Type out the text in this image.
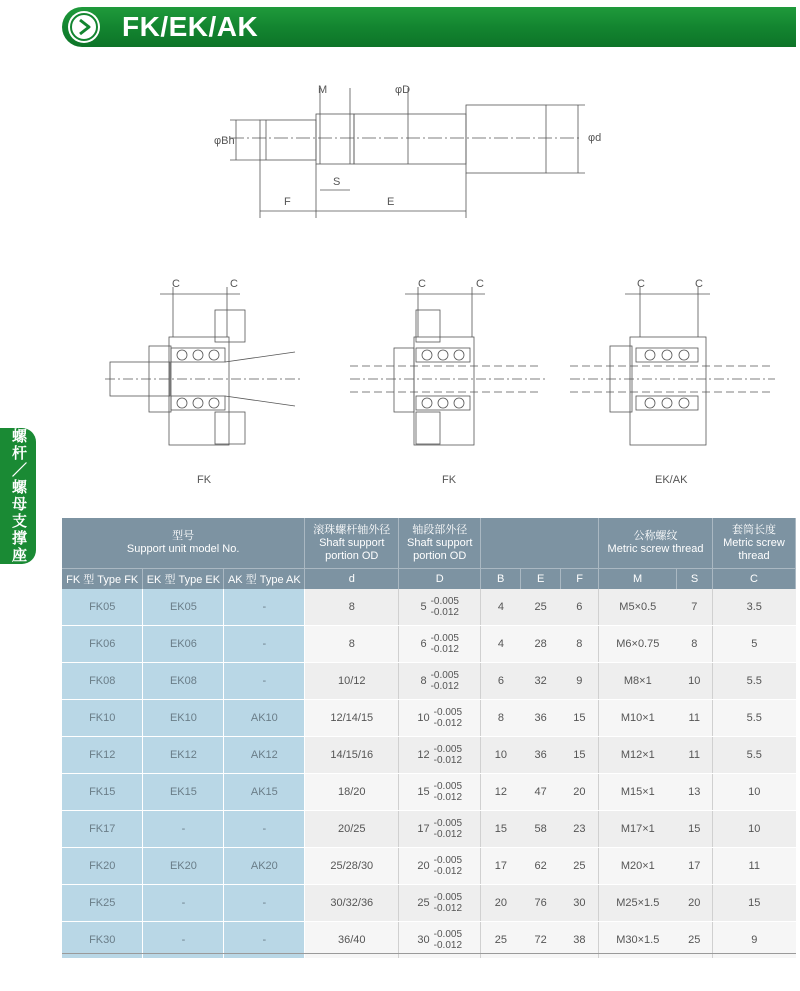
FK/EK/AK
螺杆／螺母支撑座
M	φD
φBh	φd
S
F	E
C	C
FK
C	C
FK
C	C
EK/AK
型号
Support unit model No.			滚珠螺杆轴外径
Shaft support
portion OD	轴段部外径
Shaft support
portion OD				公称螺纹
Metric screw thread		套筒长度
Metric screw
thread
FK 型 Type FK	EK 型 Type EK	AK 型 Type AK	d	D	B	E	F	M	S	C
FK05	EK05	-	8	5 -0.005
-0.012	4	25	6	M5×0.5	7	3.5
FK06	EK06	-	8	6 -0.005
-0.012	4	28	8	M6×0.75	8	5
FK08	EK08	-	10/12	8 -0.005
-0.012	6	32	9	M8×1	10	5.5
FK10	EK10	AK10	12/14/15	10 -0.005
-0.012	8	36	15	M10×1	11	5.5
FK12	EK12	AK12	14/15/16	12 -0.005
-0.012	10	36	15	M12×1	11	5.5
FK15	EK15	AK15	18/20	15 -0.005
-0.012	12	47	20	M15×1	13	10
FK17	-	-	20/25	17 -0.005
-0.012	15	58	23	M17×1	15	10
FK20	EK20	AK20	25/28/30	20 -0.005
-0.012	17	62	25	M20×1	17	11
FK25	-	-	30/32/36	25 -0.005
-0.012	20	76	30	M25×1.5	20	15
FK30	-	-	36/40	30 -0.005
-0.012	25	72	38	M30×1.5	25	9
